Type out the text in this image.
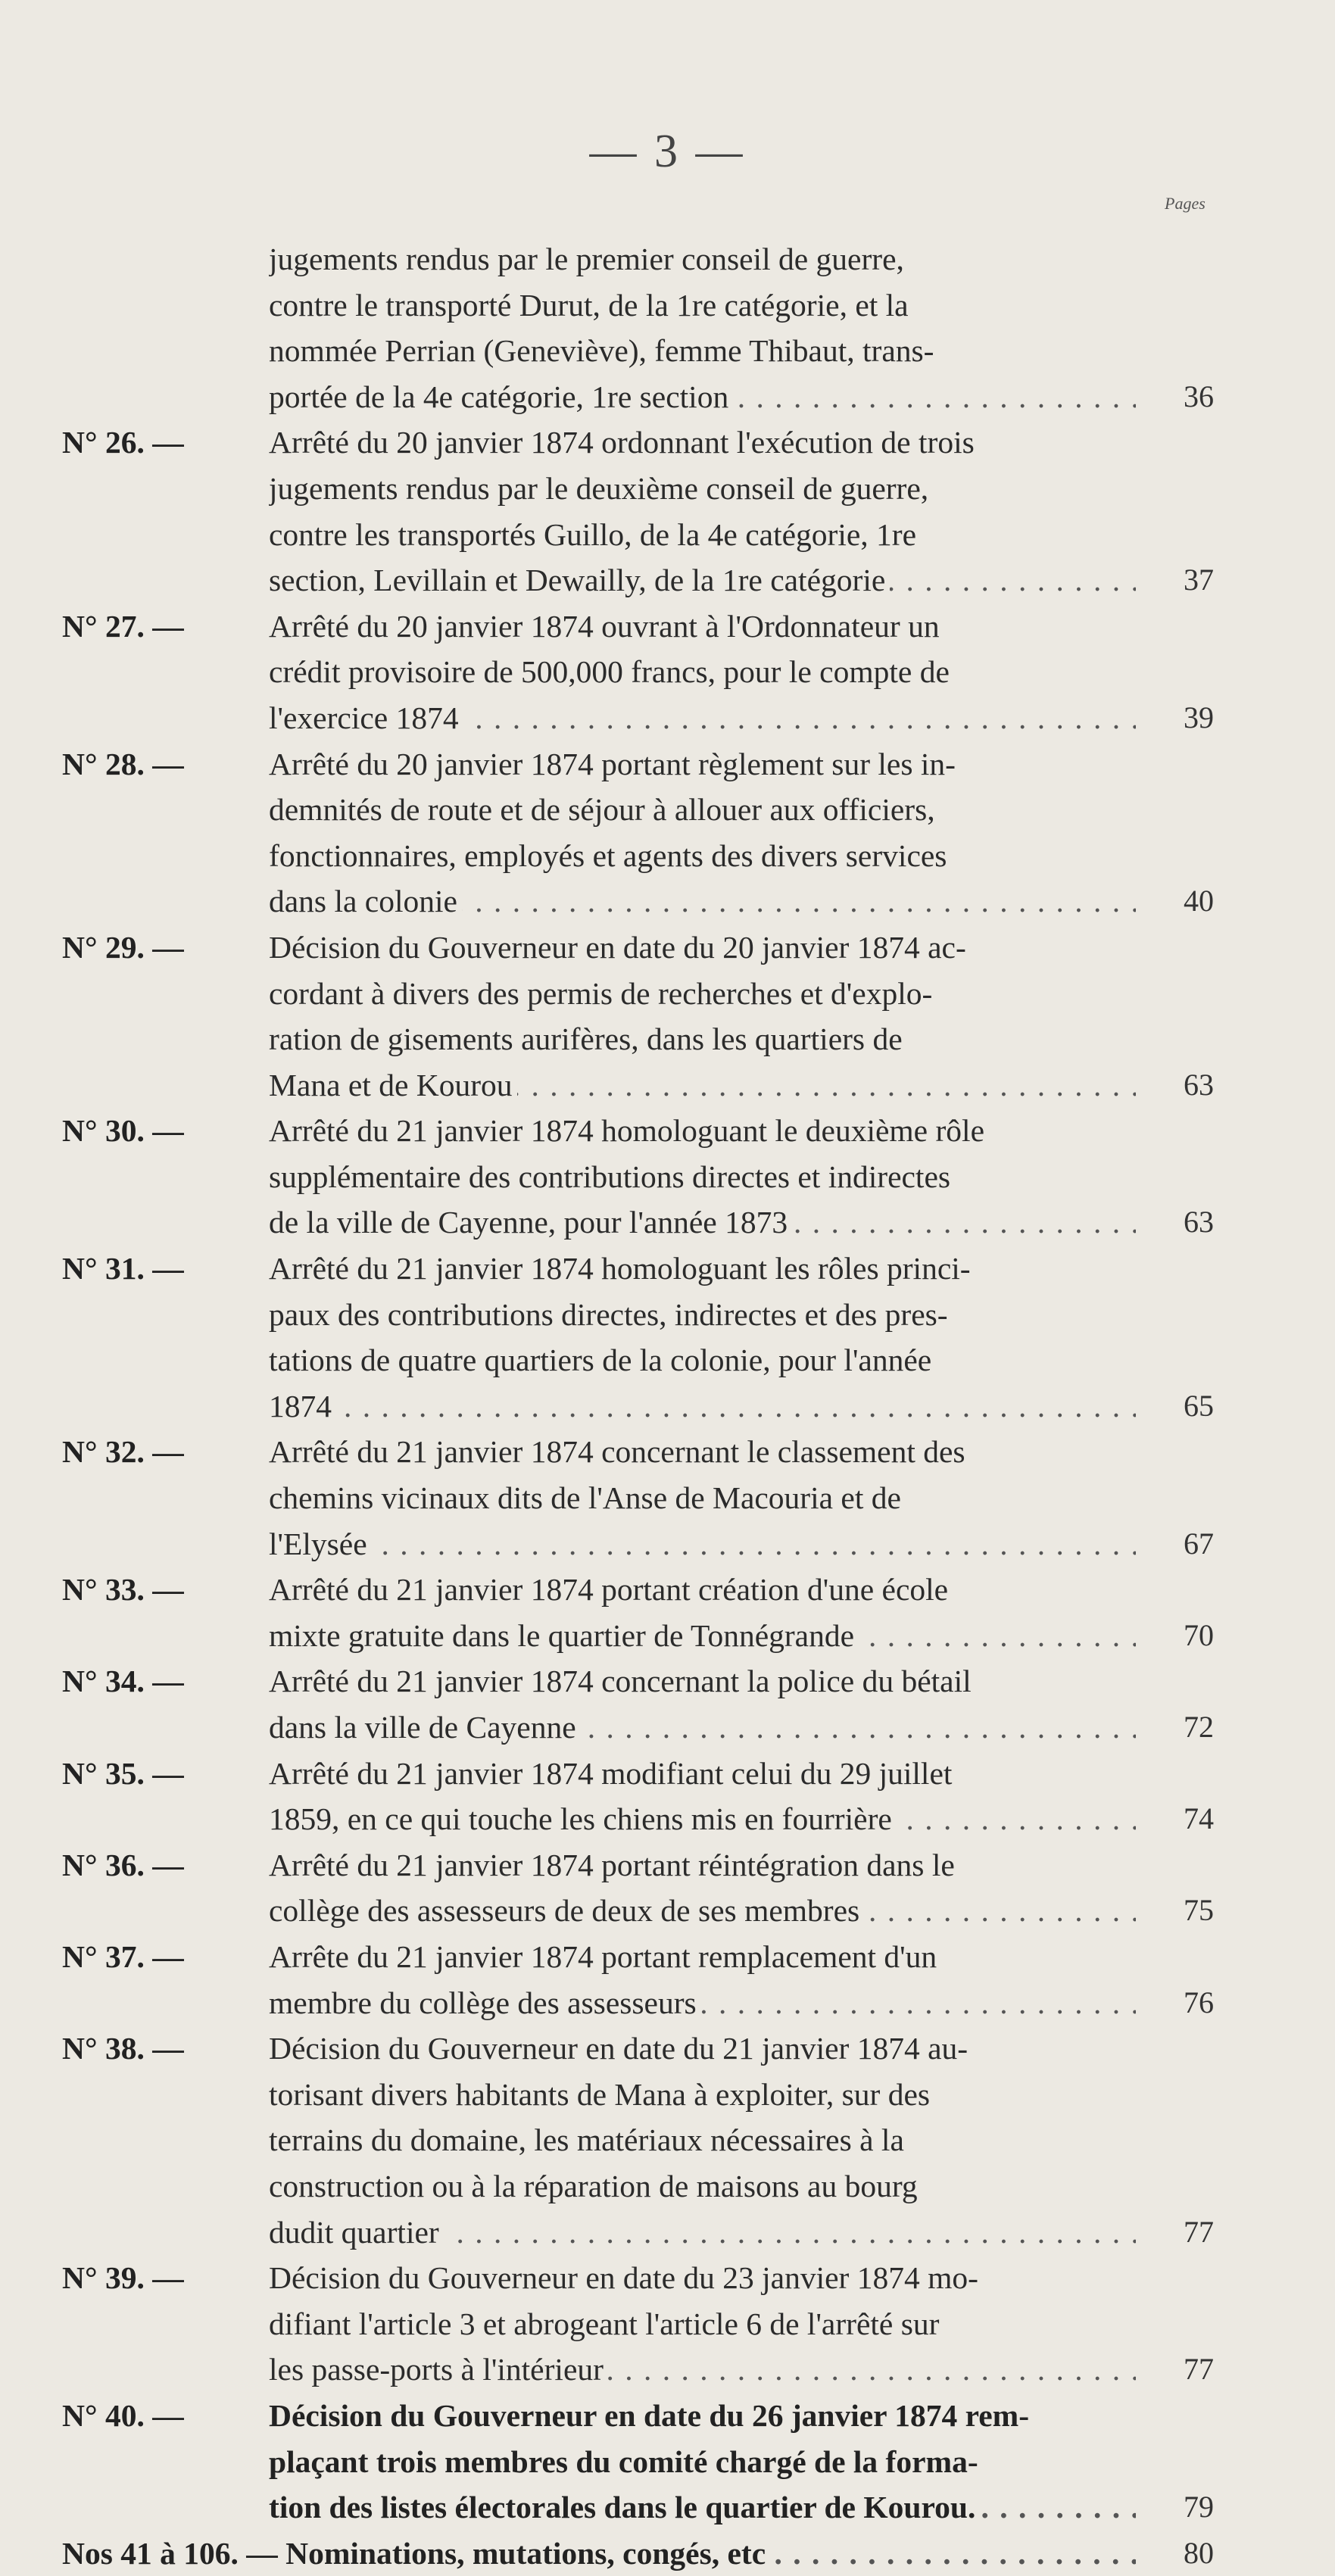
— 3 —
Pages
jugements rendus par le premier conseil de guerre,
contre le transporté Durut, de la 1re catégorie, et la
nommée Perrian (Geneviève), femme Thibaut, trans-
portée de la 4e catégorie, 1re section . . .	36
N° 26. —	Arrêté du 20 janvier 1874 ordonnant l'exécution de trois
jugements rendus par le deuxième conseil de guerre,
contre les transportés Guillo, de la 4e catégorie, 1re
section, Levillain et Dewailly, de la 1re catégorie . . .	37
N° 27. —	Arrêté du 20 janvier 1874 ouvrant à l'Ordonnateur un
crédit provisoire de 500,000 francs, pour le compte de
l'exercice 1874 . . .	39
N° 28. —	Arrêté du 20 janvier 1874 portant règlement sur les in-
demnités de route et de séjour à allouer aux officiers,
fonctionnaires, employés et agents des divers services
dans la colonie . . .	40
N° 29. —	Décision du Gouverneur en date du 20 janvier 1874 ac-
cordant à divers des permis de recherches et d'explo-
ration de gisements aurifères, dans les quartiers de
Mana et de Kourou . . .	63
N° 30. —	Arrêté du 21 janvier 1874 homologuant le deuxième rôle
supplémentaire des contributions directes et indirectes
de la ville de Cayenne, pour l'année 1873 . . .	63
N° 31. —	Arrêté du 21 janvier 1874 homologuant les rôles princi-
paux des contributions directes, indirectes et des pres-
tations de quatre quartiers de la colonie, pour l'année
1874 . . .	65
N° 32. —	Arrêté du 21 janvier 1874 concernant le classement des
chemins vicinaux dits de l'Anse de Macouria et de
l'Elysée . . .	67
N° 33. —	Arrêté du 21 janvier 1874 portant création d'une école
mixte gratuite dans le quartier de Tonnégrande . . .	70
N° 34. —	Arrêté du 21 janvier 1874 concernant la police du bétail
dans la ville de Cayenne . . .	72
N° 35. —	Arrêté du 21 janvier 1874 modifiant celui du 29 juillet
1859, en ce qui touche les chiens mis en fourrière . . .	74
N° 36. —	Arrêté du 21 janvier 1874 portant réintégration dans le
collège des assesseurs de deux de ses membres . . .	75
N° 37. —	Arrête du 21 janvier 1874 portant remplacement d'un
membre du collège des assesseurs . . .	76
N° 38. —	Décision du Gouverneur en date du 21 janvier 1874 au-
torisant divers habitants de Mana à exploiter, sur des
terrains du domaine, les matériaux nécessaires à la
construction ou à la réparation de maisons au bourg
dudit quartier . . .	77
N° 39. —	Décision du Gouverneur en date du 23 janvier 1874 mo-
difiant l'article 3 et abrogeant l'article 6 de l'arrêté sur
les passe-ports à l'intérieur . . .	77
N° 40. —	Décision du Gouverneur en date du 26 janvier 1874 rem-
plaçant trois membres du comité chargé de la forma-
tion des listes électorales dans le quartier de Kourou. . . .	79
Nos 41 à 106. — Nominations, mutations, congés, etc . . .	80
